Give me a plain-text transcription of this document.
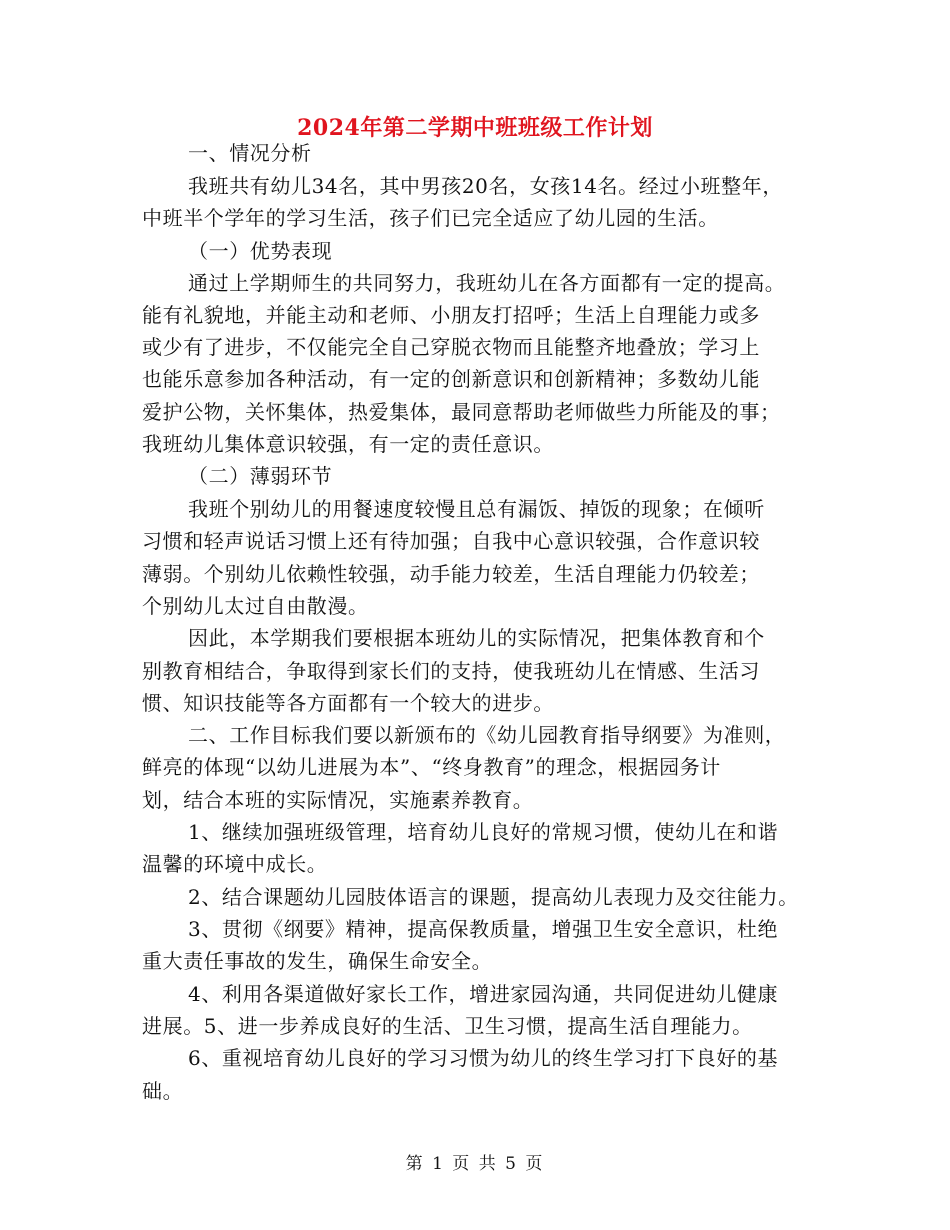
2024年第二学期中班班级工作计划
一、情况分析
我班共有幼儿34名，其中男孩20名，女孩14名。经过小班整年，
中班半个学年的学习生活，孩子们已完全适应了幼儿园的生活。
（一）优势表现
通过上学期师生的共同努力，我班幼儿在各方面都有一定的提高。
能有礼貌地，并能主动和老师、小朋友打招呼；生活上自理能力或多
或少有了进步，不仅能完全自己穿脱衣物而且能整齐地叠放；学习上
也能乐意参加各种活动，有一定的创新意识和创新精神；多数幼儿能
爱护公物，关怀集体，热爱集体，最同意帮助老师做些力所能及的事；
我班幼儿集体意识较强，有一定的责任意识。
（二）薄弱环节
我班个别幼儿的用餐速度较慢且总有漏饭、掉饭的现象；在倾听
习惯和轻声说话习惯上还有待加强；自我中心意识较强，合作意识较
薄弱。个别幼儿依赖性较强，动手能力较差，生活自理能力仍较差；
个别幼儿太过自由散漫。
因此，本学期我们要根据本班幼儿的实际情况，把集体教育和个
别教育相结合，争取得到家长们的支持，使我班幼儿在情感、生活习
惯、知识技能等各方面都有一个较大的进步。
二、工作目标我们要以新颁布的《幼儿园教育指导纲要》为准则，
鲜亮的体现“以幼儿进展为本”、“终身教育”的理念，根据园务计
划，结合本班的实际情况，实施素养教育。
1、继续加强班级管理，培育幼儿良好的常规习惯，使幼儿在和谐
温馨的环境中成长。
2、结合课题幼儿园肢体语言的课题，提高幼儿表现力及交往能力。
3、贯彻《纲要》精神，提高保教质量，增强卫生安全意识，杜绝
重大责任事故的发生，确保生命安全。
4、利用各渠道做好家长工作，增进家园沟通，共同促进幼儿健康
进展。5、进一步养成良好的生活、卫生习惯，提高生活自理能力。
6、重视培育幼儿良好的学习习惯为幼儿的终生学习打下良好的基
础。
第 1 页 共 5 页
